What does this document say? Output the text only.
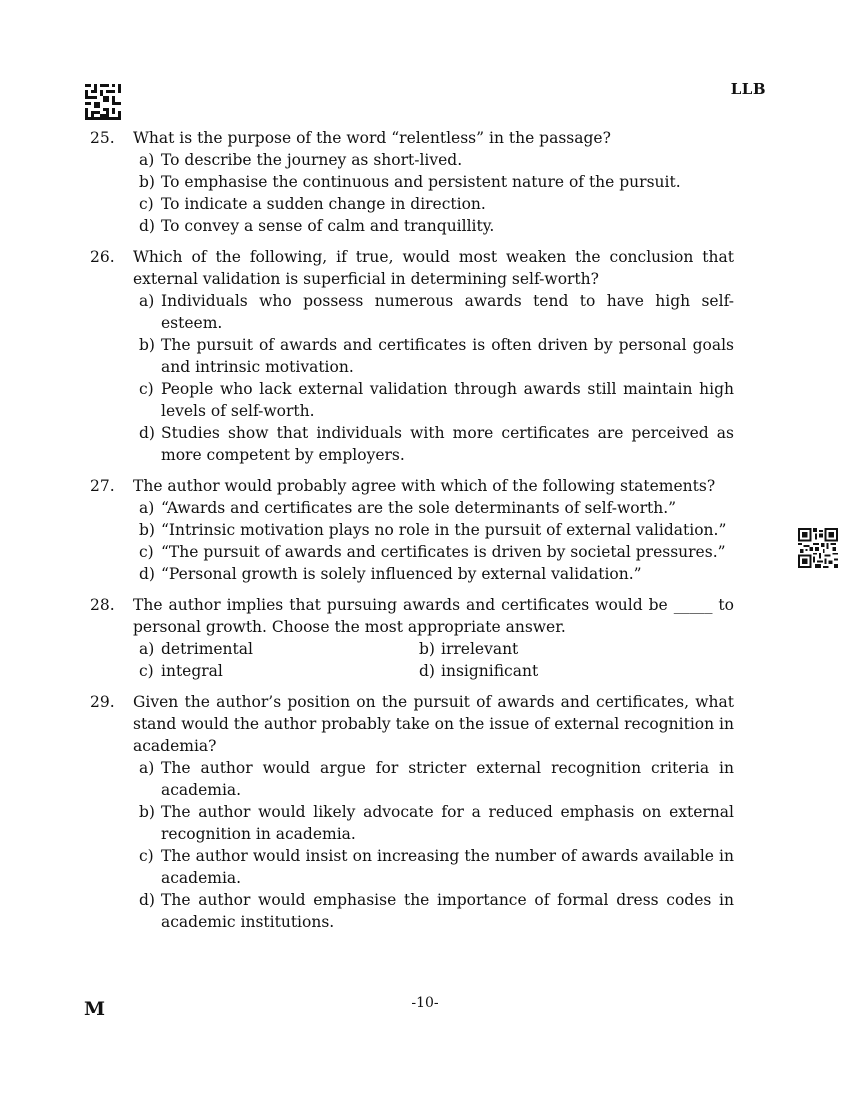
LLB
25.	What is the purpose of the word “relentless” in the passage?
a) To describe the journey as short-lived.
b) To emphasise the continuous and persistent nature of the pursuit.
c) To indicate a sudden change in direction.
d) To convey a sense of calm and tranquillity.
26.	Which of the following, if true, would most weaken the conclusion that external validation is superficial in determining self-worth?
a) Individuals who possess numerous awards tend to have high self-esteem.
b) The pursuit of awards and certificates is often driven by personal goals and intrinsic motivation.
c) People who lack external validation through awards still maintain high levels of self-worth.
d) Studies show that individuals with more certificates are perceived as more competent by employers.
27.	The author would probably agree with which of the following statements?
a) “Awards and certificates are the sole determinants of self-worth.”
b) “Intrinsic motivation plays no role in the pursuit of external validation.”
c) “The pursuit of awards and certificates is driven by societal pressures.”
d) “Personal growth is solely influenced by external validation.”
28.	The author implies that pursuing awards and certificates would be _____ to personal growth. Choose the most appropriate answer.
a) detrimental	b) irrelevant
c) integral	d) insignificant
29.	Given the author’s position on the pursuit of awards and certificates, what stand would the author probably take on the issue of external recognition in academia?
a) The author would argue for stricter external recognition criteria in academia.
b) The author would likely advocate for a reduced emphasis on external recognition in academia.
c) The author would insist on increasing the number of awards available in academia.
d) The author would emphasise the importance of formal dress codes in academic institutions.
M	-10-
